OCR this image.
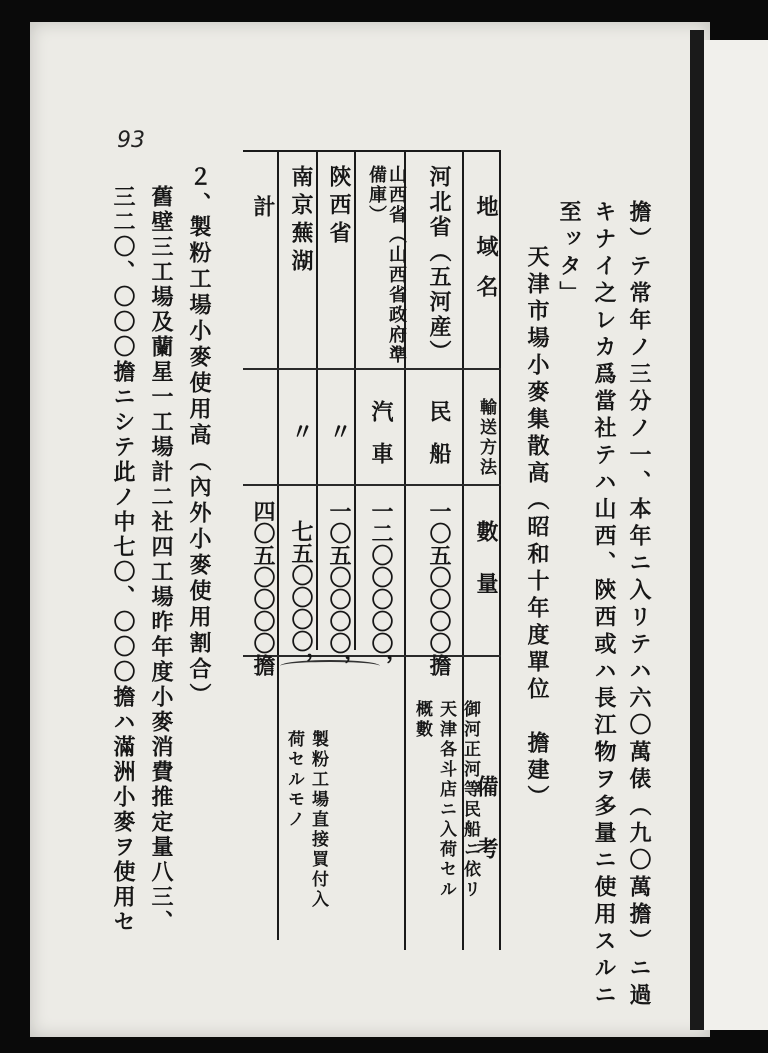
93
擔）テ常年ノ三分ノ一、本年ニ入リテハ六〇萬俵（九〇萬擔）ニ過
キナイ之レカ爲當社テハ山西、陝西或ハ長江物ヲ多量ニ使用スルニ
至ッタ」
天津市場小麥集散高（昭和十年度單位　擔建）
地域名
輸送方法
數量
備考
河北省（五河産）
民船
一〇五〇〇〇〇擔
御河正河等民船ニ依リ天津各斗店ニ入荷セル概數
山西省（山西省政府準備庫）
汽車
一二〇〇〇〇〇，
陝西省
〃
一〇五〇〇〇〇，
製粉工場直接買付入荷セルモノ
南京蕪湖
〃
七五〇〇〇〇，
計
四〇五〇〇〇〇擔
２、
製粉工場小麥使用高（內外小麥使用割合）
舊壁三工場及蘭星一工場計二社四工場昨年度小麥消費推定量八三、
三二〇、〇〇〇擔ニシテ此ノ中七〇、〇〇〇擔ハ滿洲小麥ヲ使用セ
